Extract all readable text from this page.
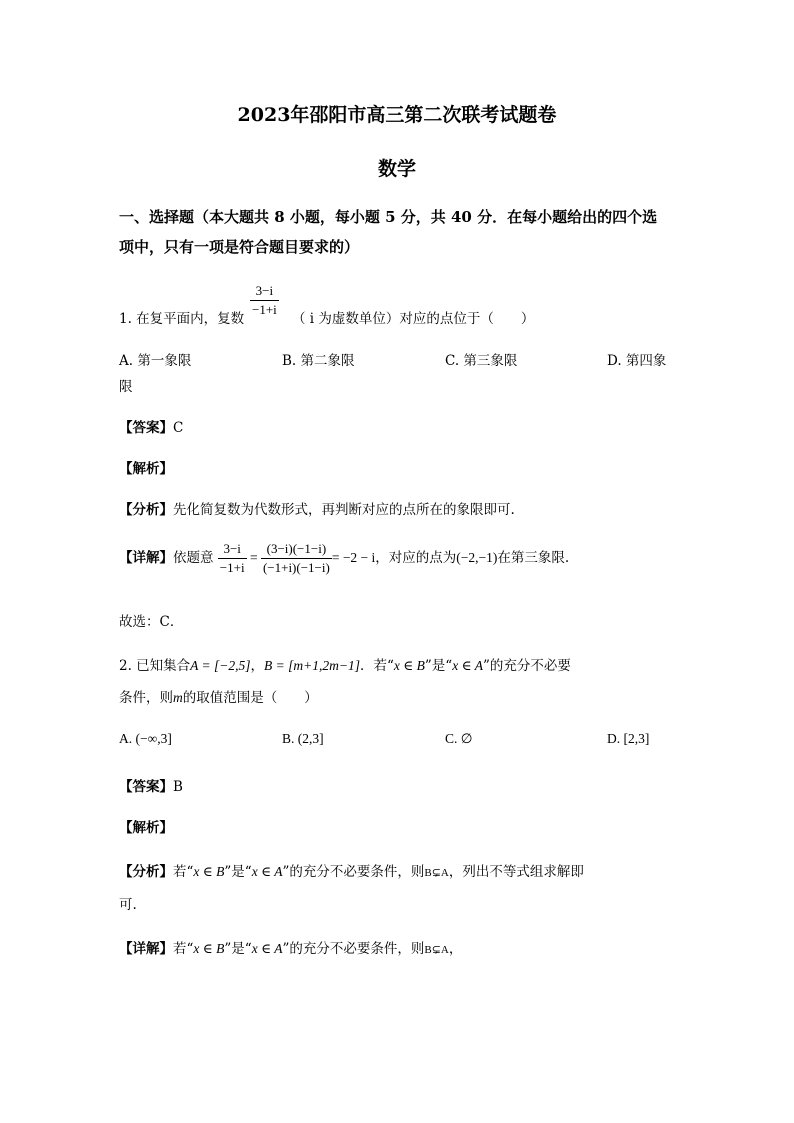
2023年邵阳市高三第二次联考试题卷
数学
一、选择题（本大题共 8 小题，每小题 5 分，共 40 分．在每小题给出的四个选
项中，只有一项是符合题目要求的）
1. 在复平面内，复数 $\frac{3-i}{-1+i}$ （ i 为虚数单位）对应的点位于（　　）
A. 第一象限	B. 第二象限	C. 第三象限	D. 第四象
限
【答案】C
【解析】
【分析】先化简复数为代数形式，再判断对应的点所在的象限即可.
【详解】依题意 $\frac{3-i}{-1+i} = \frac{(3-i)(-1-i)}{(-1+i)(-1-i)} = -2 - i$，对应的点为(−2,−1)在第三象限.
故选：C．
2. 已知集合A = [−2,5]，B = [m+1,2m−1]．若“x ∈ B”是“x ∈ A”的充分不必要
条件，则m的取值范围是（　　）
A. (−∞,3]	B. (2,3]	C. ∅	D. [2,3]
【答案】B
【解析】
【分析】若“x ∈ B”是“x ∈ A”的充分不必要条件，则B⊊A，列出不等式组求解即
可.
【详解】若“x ∈ B”是“x ∈ A”的充分不必要条件，则B⊊A，
